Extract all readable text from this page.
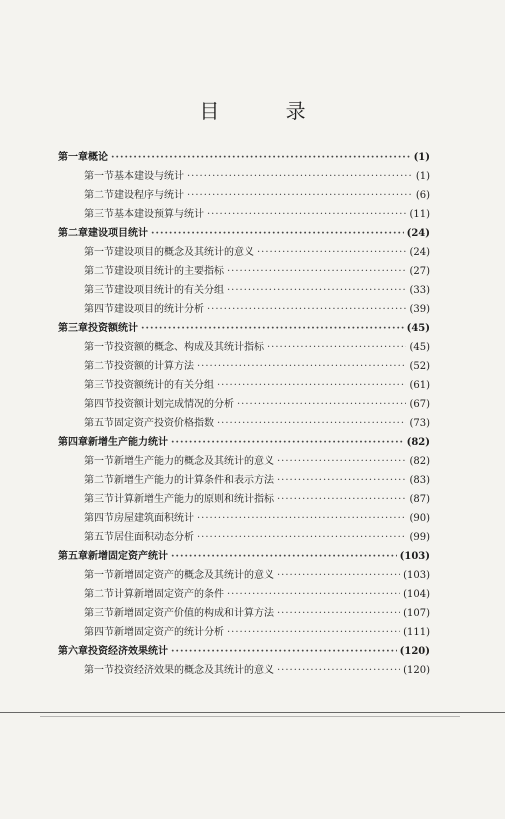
目 录
第一章 概论 ·····	(1)
第一节 基本建设与统计 ·····	(1)
第二节 建设程序与统计 ·····	(6)
第三节 基本建设预算与统计 ·····	(11)
第二章 建设项目统计 ·····	(24)
第一节 建设项目的概念及其统计的意义 ·····	(24)
第二节 建设项目统计的主要指标 ·····	(27)
第三节 建设项目统计的有关分组 ·····	(33)
第四节 建设项目的统计分析 ·····	(39)
第三章 投资额统计 ·····	(45)
第一节 投资额的概念、构成及其统计指标 ·····	(45)
第二节 投资额的计算方法 ·····	(52)
第三节 投资额统计的有关分组 ·····	(61)
第四节 投资额计划完成情况的分析 ·····	(67)
第五节 固定资产投资价格指数 ·····	(73)
第四章 新增生产能力统计 ·····	(82)
第一节 新增生产能力的概念及其统计的意义 ·····	(82)
第二节 新增生产能力的计算条件和表示方法 ·····	(83)
第三节 计算新增生产能力的原则和统计指标 ·····	(87)
第四节 房屋建筑面积统计 ·····	(90)
第五节 居住面积动态分析 ·····	(99)
第五章 新增固定资产统计 ·····	(103)
第一节 新增固定资产的概念及其统计的意义 ·····	(103)
第二节 计算新增固定资产的条件 ·····	(104)
第三节 新增固定资产价值的构成和计算方法 ·····	(107)
第四节 新增固定资产的统计分析 ·····	(111)
第六章 投资经济效果统计 ·····	(120)
第一节 投资经济效果的概念及其统计的意义 ·····	(120)
